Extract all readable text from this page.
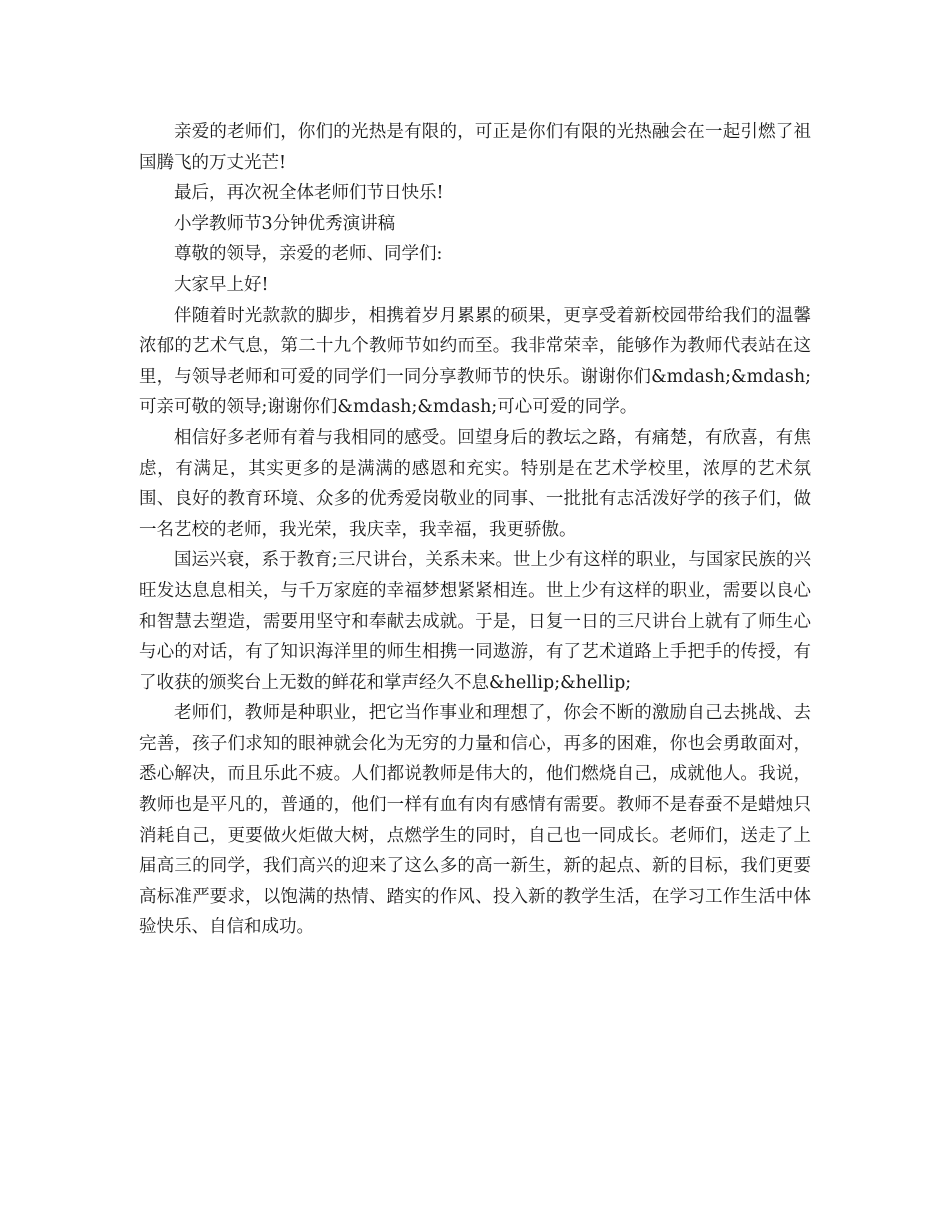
亲爱的老师们，你们的光热是有限的，可正是你们有限的光热融会在一起引燃了祖国腾飞的万丈光芒!

最后，再次祝全体老师们节日快乐!

小学教师节3分钟优秀演讲稿

尊敬的领导，亲爱的老师、同学们:

大家早上好!

伴随着时光款款的脚步，相携着岁月累累的硕果，更享受着新校园带给我们的温馨浓郁的艺术气息，第二十九个教师节如约而至。我非常荣幸，能够作为教师代表站在这里，与领导老师和可爱的同学们一同分享教师节的快乐。谢谢你们&mdash;&mdash;可亲可敬的领导;谢谢你们&mdash;&mdash;可心可爱的同学。

相信好多老师有着与我相同的感受。回望身后的教坛之路，有痛楚，有欣喜，有焦虑，有满足，其实更多的是满满的感恩和充实。特别是在艺术学校里，浓厚的艺术氛围、良好的教育环境、众多的优秀爱岗敬业的同事、一批批有志活泼好学的孩子们，做一名艺校的老师，我光荣，我庆幸，我幸福，我更骄傲。

国运兴衰，系于教育;三尺讲台，关系未来。世上少有这样的职业，与国家民族的兴旺发达息息相关，与千万家庭的幸福梦想紧紧相连。世上少有这样的职业，需要以良心和智慧去塑造，需要用坚守和奉献去成就。于是，日复一日的三尺讲台上就有了师生心与心的对话，有了知识海洋里的师生相携一同遨游，有了艺术道路上手把手的传授，有了收获的颁奖台上无数的鲜花和掌声经久不息&hellip;&hellip;

老师们，教师是种职业，把它当作事业和理想了，你会不断的激励自己去挑战、去完善，孩子们求知的眼神就会化为无穷的力量和信心，再多的困难，你也会勇敢面对，悉心解决，而且乐此不疲。人们都说教师是伟大的，他们燃烧自己，成就他人。我说，教师也是平凡的，普通的，他们一样有血有肉有感情有需要。教师不是春蚕不是蜡烛只消耗自己，更要做火炬做大树，点燃学生的同时，自己也一同成长。老师们，送走了上届高三的同学，我们高兴的迎来了这么多的高一新生，新的起点、新的目标，我们更要高标准严要求，以饱满的热情、踏实的作风、投入新的教学生活，在学习工作生活中体验快乐、自信和成功。
